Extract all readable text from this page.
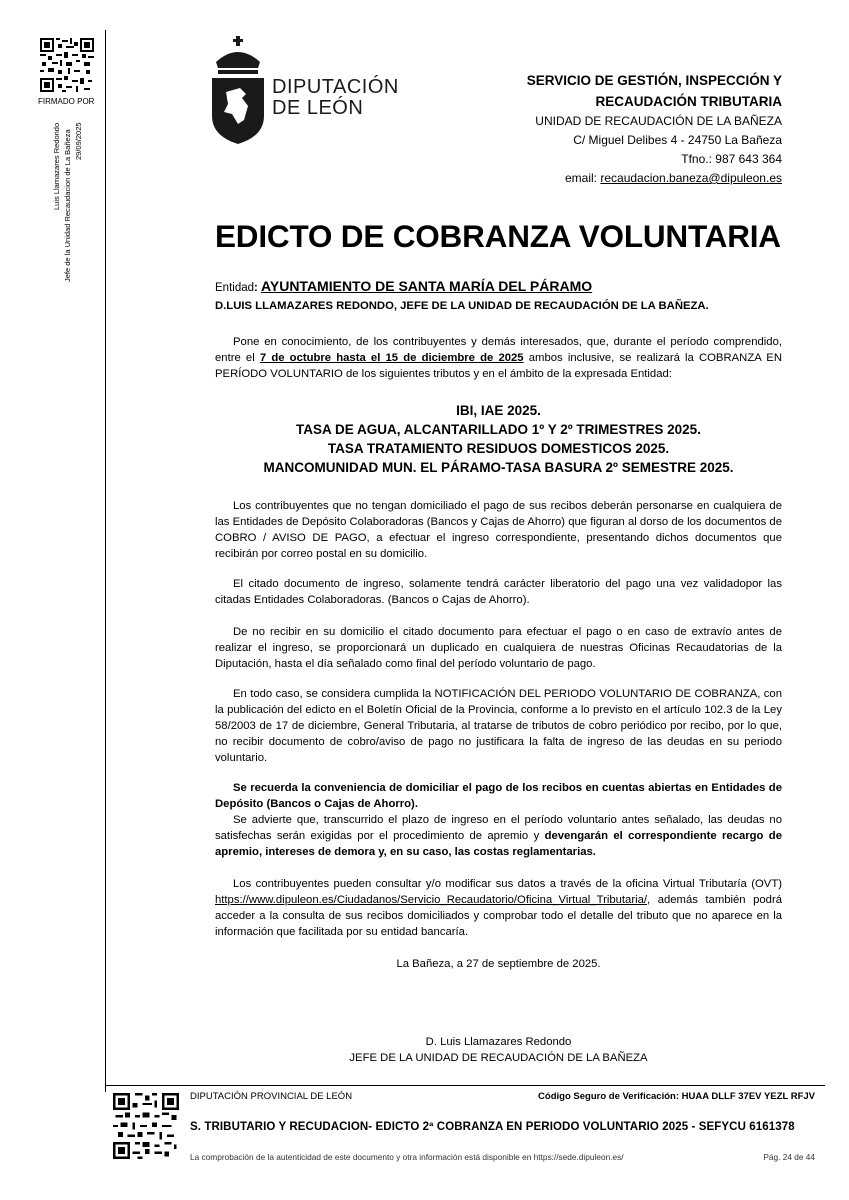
FIRMADO POR
Luis Llamazares Redondo Jefe de la Unidad Recaudacion de La Bañeza 29/09/2025
DIPUTACIÓN
DE LEÓN
SERVICIO DE GESTIÓN, INSPECCIÓN Y
RECAUDACIÓN TRIBUTARIA
UNIDAD DE RECAUDACIÓN DE LA BAÑEZA
C/ Miguel Delibes 4 - 24750 La Bañeza
Tfno.: 987 643 364
email: recaudacion.baneza@dipuleon.es
EDICTO DE COBRANZA VOLUNTARIA
Entidad: AYUNTAMIENTO DE SANTA MARÍA DEL PÁRAMO
D.LUIS LLAMAZARES REDONDO, JEFE DE LA UNIDAD DE RECAUDACIÓN DE LA BAÑEZA.

Pone en conocimiento, de los contribuyentes y demás interesados, que, durante el período comprendido, entre el 7 de octubre hasta el 15 de diciembre de 2025 ambos inclusive, se realizará la COBRANZA EN PERÍODO VOLUNTARIO de los siguientes tributos y en el ámbito de la expresada Entidad:

IBI, IAE 2025.
TASA DE AGUA, ALCANTARILLADO 1º Y 2º TRIMESTRES 2025.
TASA TRATAMIENTO RESIDUOS DOMESTICOS 2025.
MANCOMUNIDAD MUN. EL PÁRAMO-TASA BASURA 2º SEMESTRE 2025.

Los contribuyentes que no tengan domiciliado el pago de sus recibos deberán personarse en cualquiera de las Entidades de Depósito Colaboradoras (Bancos y Cajas de Ahorro) que figuran al dorso de los documentos de COBRO / AVISO DE PAGO, a efectuar el ingreso correspondiente, presentando dichos documentos que recibirán por correo postal en su domicilio.

El citado documento de ingreso, solamente tendrá carácter liberatorio del pago una vez validadopor las citadas Entidades Colaboradoras. (Bancos o Cajas de Ahorro).

De no recibir en su domicilio el citado documento para efectuar el pago o en caso de extravío antes de realizar el ingreso, se proporcionará un duplicado en cualquiera de nuestras Oficinas Recaudatorias de la Diputación, hasta el día señalado como final del período voluntario de pago.

En todo caso, se considera cumplida la NOTIFICACIÓN DEL PERIODO VOLUNTARIO DE COBRANZA, con la publicación del edicto en el Boletín Oficial de la Provincia, conforme a lo previsto en el artículo 102.3 de la Ley 58/2003 de 17 de diciembre, General Tributaria, al tratarse de tributos de cobro periódico por recibo, por lo que, no recibir documento de cobro/aviso de pago no justificara la falta de ingreso de las deudas en su periodo voluntario.

Se recuerda la conveniencia de domiciliar el pago de los recibos en cuentas abiertas en Entidades de Depósito (Bancos o Cajas de Ahorro).

Se advierte que, transcurrido el plazo de ingreso en el período voluntario antes señalado, las deudas no satisfechas serán exigidas por el procedimiento de apremio y devengarán el correspondiente recargo de apremio, intereses de demora y, en su caso, las costas reglamentarias.

Los contribuyentes pueden consultar y/o modificar sus datos a través de la oficina Virtual Tributaría (OVT) https://www.dipuleon.es/Ciudadanos/Servicio_Recaudatorio/Oficina_Virtual_Tributaria/, además también podrá acceder a la consulta de sus recibos domiciliados y comprobar todo el detalle del tributo que no aparece en la información que facilitada por su entidad bancaría.

La Bañeza, a 27 de septiembre de 2025.
D. Luis Llamazares Redondo
JEFE DE LA UNIDAD DE RECAUDACIÓN DE LA BAÑEZA
DIPUTACIÓN PROVINCIAL DE LEÓN	Código Seguro de Verificación: HUAA DLLF 37EV YEZL RFJV
S. TRIBUTARIO Y RECUDACION- EDICTO 2ª COBRANZA EN PERIODO VOLUNTARIO 2025 - SEFYCU 6161378
La comprobación de la autenticidad de este documento y otra información está disponible en https://sede.dipuleon.es/	Pág. 24 de 44
